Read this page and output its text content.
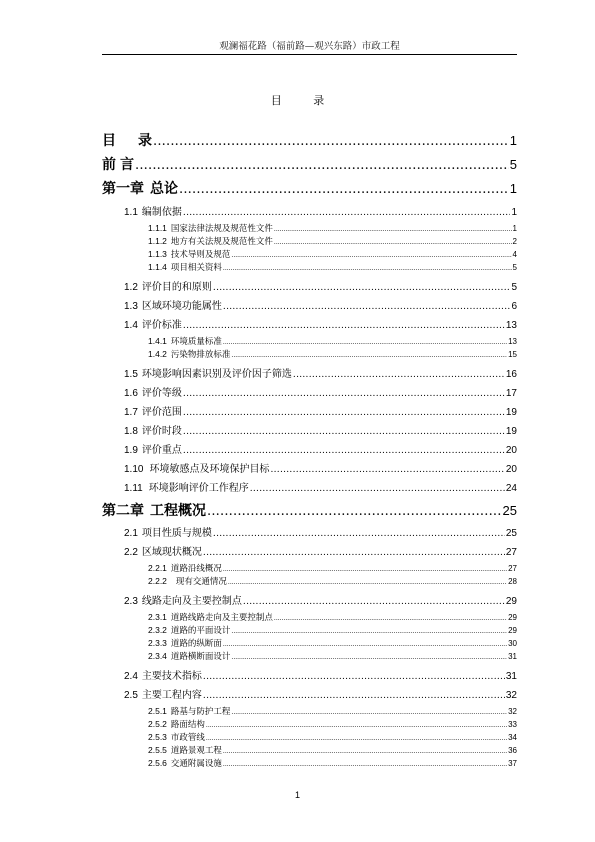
观澜福花路（福前路—观兴东路）市政工程
目 录
目 录 .....	1
前 言 .....	5
第一章 总论 .....	1
1.1 编制依据 .....	1
1.1.1 国家法律法规及规范性文件 .....	1
1.1.2 地方有关法规及规范性文件 .....	2
1.1.3 技术导则及规范 .....	4
1.1.4 项目相关资料 .....	5
1.2 评价目的和原则 .....	5
1.3 区域环境功能属性 .....	6
1.4 评价标准 .....	13
1.4.1 环境质量标准 .....	13
1.4.2 污染物排放标准 .....	15
1.5 环境影响因素识别及评价因子筛选 .....	16
1.6 评价等级 .....	17
1.7 评价范围 .....	19
1.8 评价时段 .....	19
1.9 评价重点 .....	20
1.10 环境敏感点及环境保护目标 .....	20
1.11 环境影响评价工作程序 .....	24
第二章 工程概况 .....	25
2.1 项目性质与规模 .....	25
2.2 区域现状概况 .....	27
2.2.1 道路沿线概况 .....	27
2.2.2 现有交通情况 .....	28
2.3 线路走向及主要控制点 .....	29
2.3.1 道路线路走向及主要控制点 .....	29
2.3.2 道路的平面设计 .....	29
2.3.3 道路的纵断面 .....	30
2.3.4 道路横断面设计 .....	31
2.4 主要技术指标 .....	31
2.5 主要工程内容 .....	32
2.5.1 路基与防护工程 .....	32
2.5.2 路面结构 .....	33
2.5.3 市政管线 .....	34
2.5.5 道路景观工程 .....	36
2.5.6 交通附属设施 .....	37
1
